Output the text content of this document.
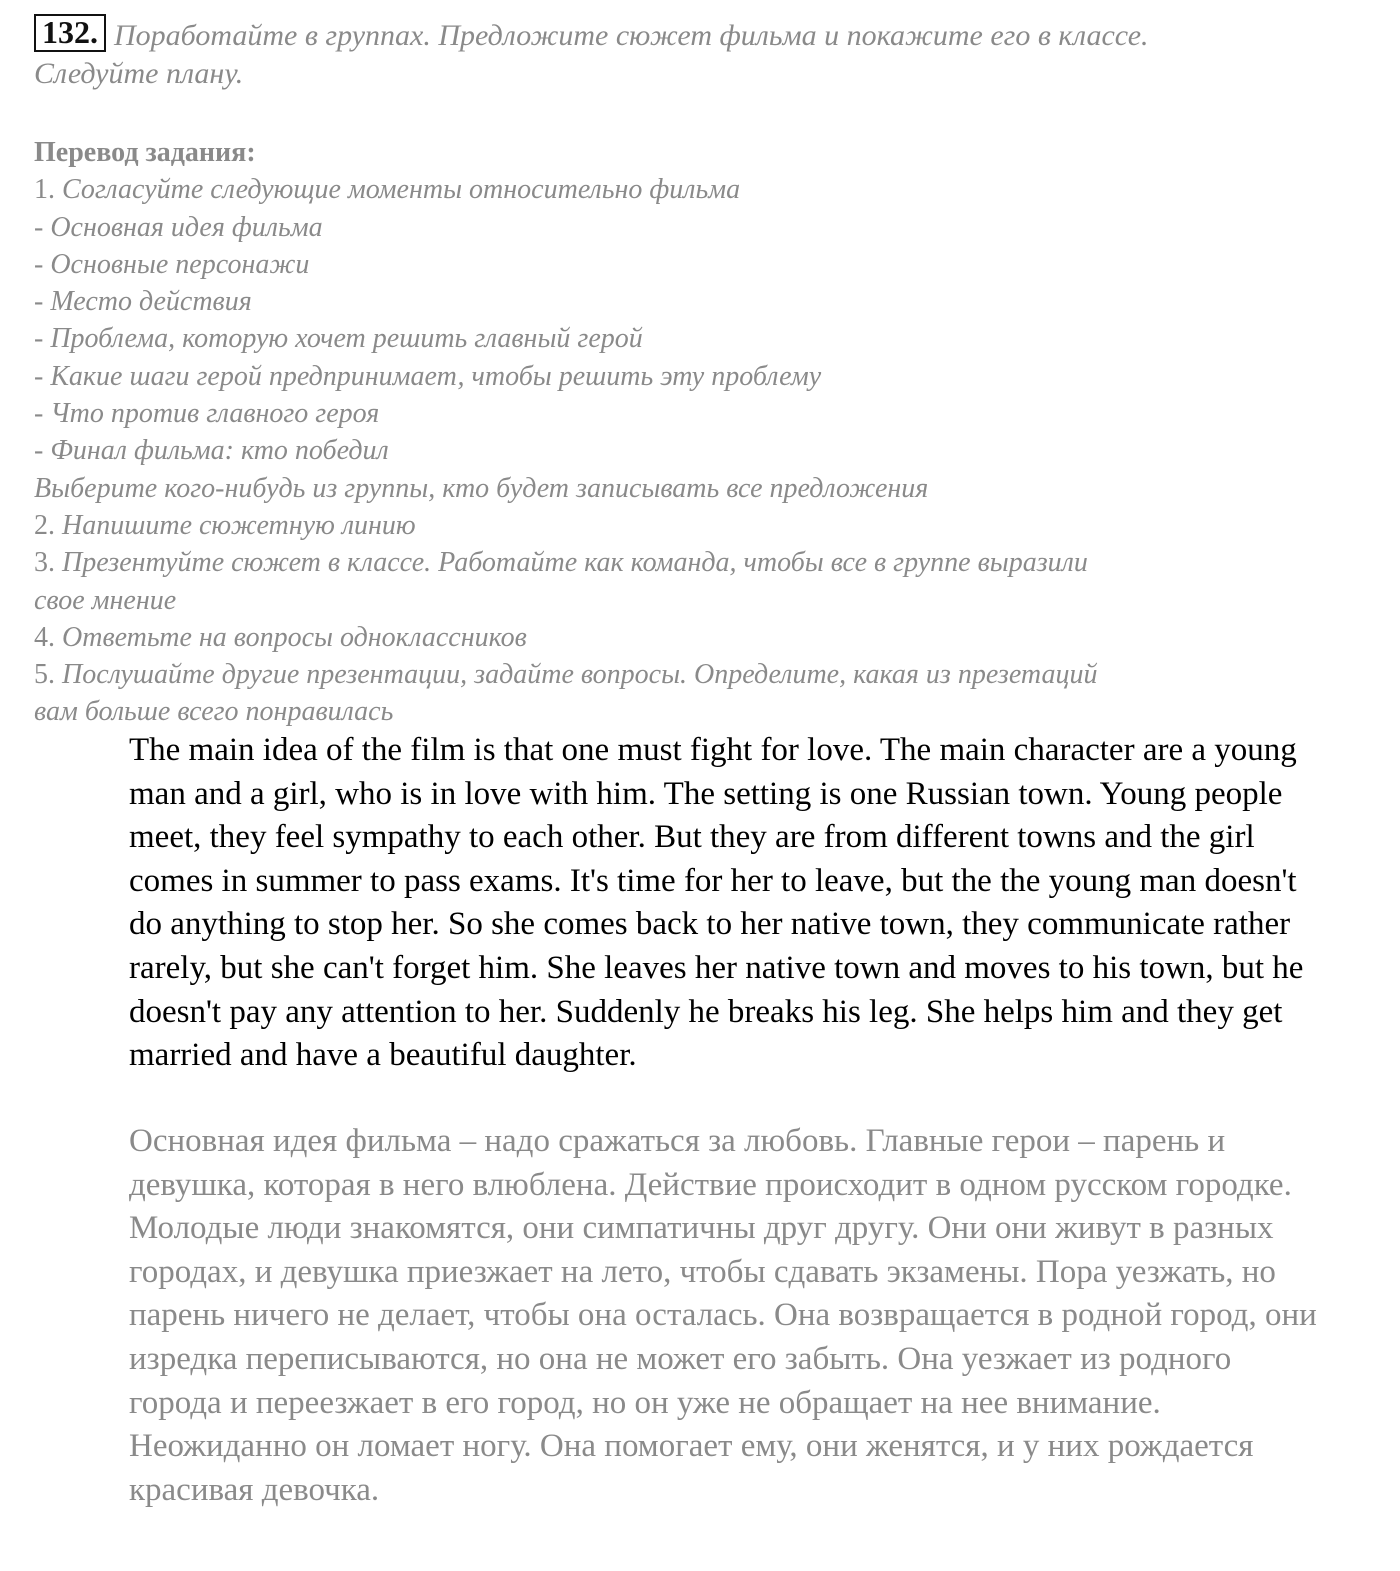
132. Поработайте в группах. Предложите сюжет фильма и покажите его в классе.
Следуйте плану.
Перевод задания:
1. Согласуйте следующие моменты относительно фильма
- Основная идея фильма
- Основные персонажи
- Место действия
- Проблема, которую хочет решить главный герой
- Какие шаги герой предпринимает, чтобы решить эту проблему
- Что против главного героя
- Финал фильма: кто победил
Выберите кого-нибудь из группы, кто будет записывать все предложения
2. Напишите сюжетную линию
3. Презентуйте сюжет в классе. Работайте как команда, чтобы все в группе выразили
свое мнение
4. Ответьте на вопросы одноклассников
5. Послушайте другие презентации, задайте вопросы. Определите, какая из презетаций
вам больше всего понравилась

The main idea of the film is that one must fight for love. The main character are a young man and a girl, who is in love with him. The setting is one Russian town. Young people meet, they feel sympathy to each other. But they are from different towns and the girl comes in summer to pass exams. It's time for her to leave, but the the young man doesn't do anything to stop her. So she comes back to her native town, they communicate rather rarely, but she can't forget him. She leaves her native town and moves to his town, but he doesn't pay any attention to her. Suddenly he breaks his leg. She helps him and they get married and have a beautiful daughter.

Основная идея фильма – надо сражаться за любовь. Главные герои – парень и девушка, которая в него влюблена. Действие происходит в одном русском городке. Молодые люди знакомятся, они симпатичны друг другу. Они они живут в разных городах, и девушка приезжает на лето, чтобы сдавать экзамены. Пора уезжать, но парень ничего не делает, чтобы она осталась. Она возвращается в родной город, они изредка переписываются, но она не может его забыть. Она уезжает из родного города и переезжает в его город, но он уже не обращает на нее внимание. Неожиданно он ломает ногу. Она помогает ему, они женятся, и у них рождается красивая девочка.
